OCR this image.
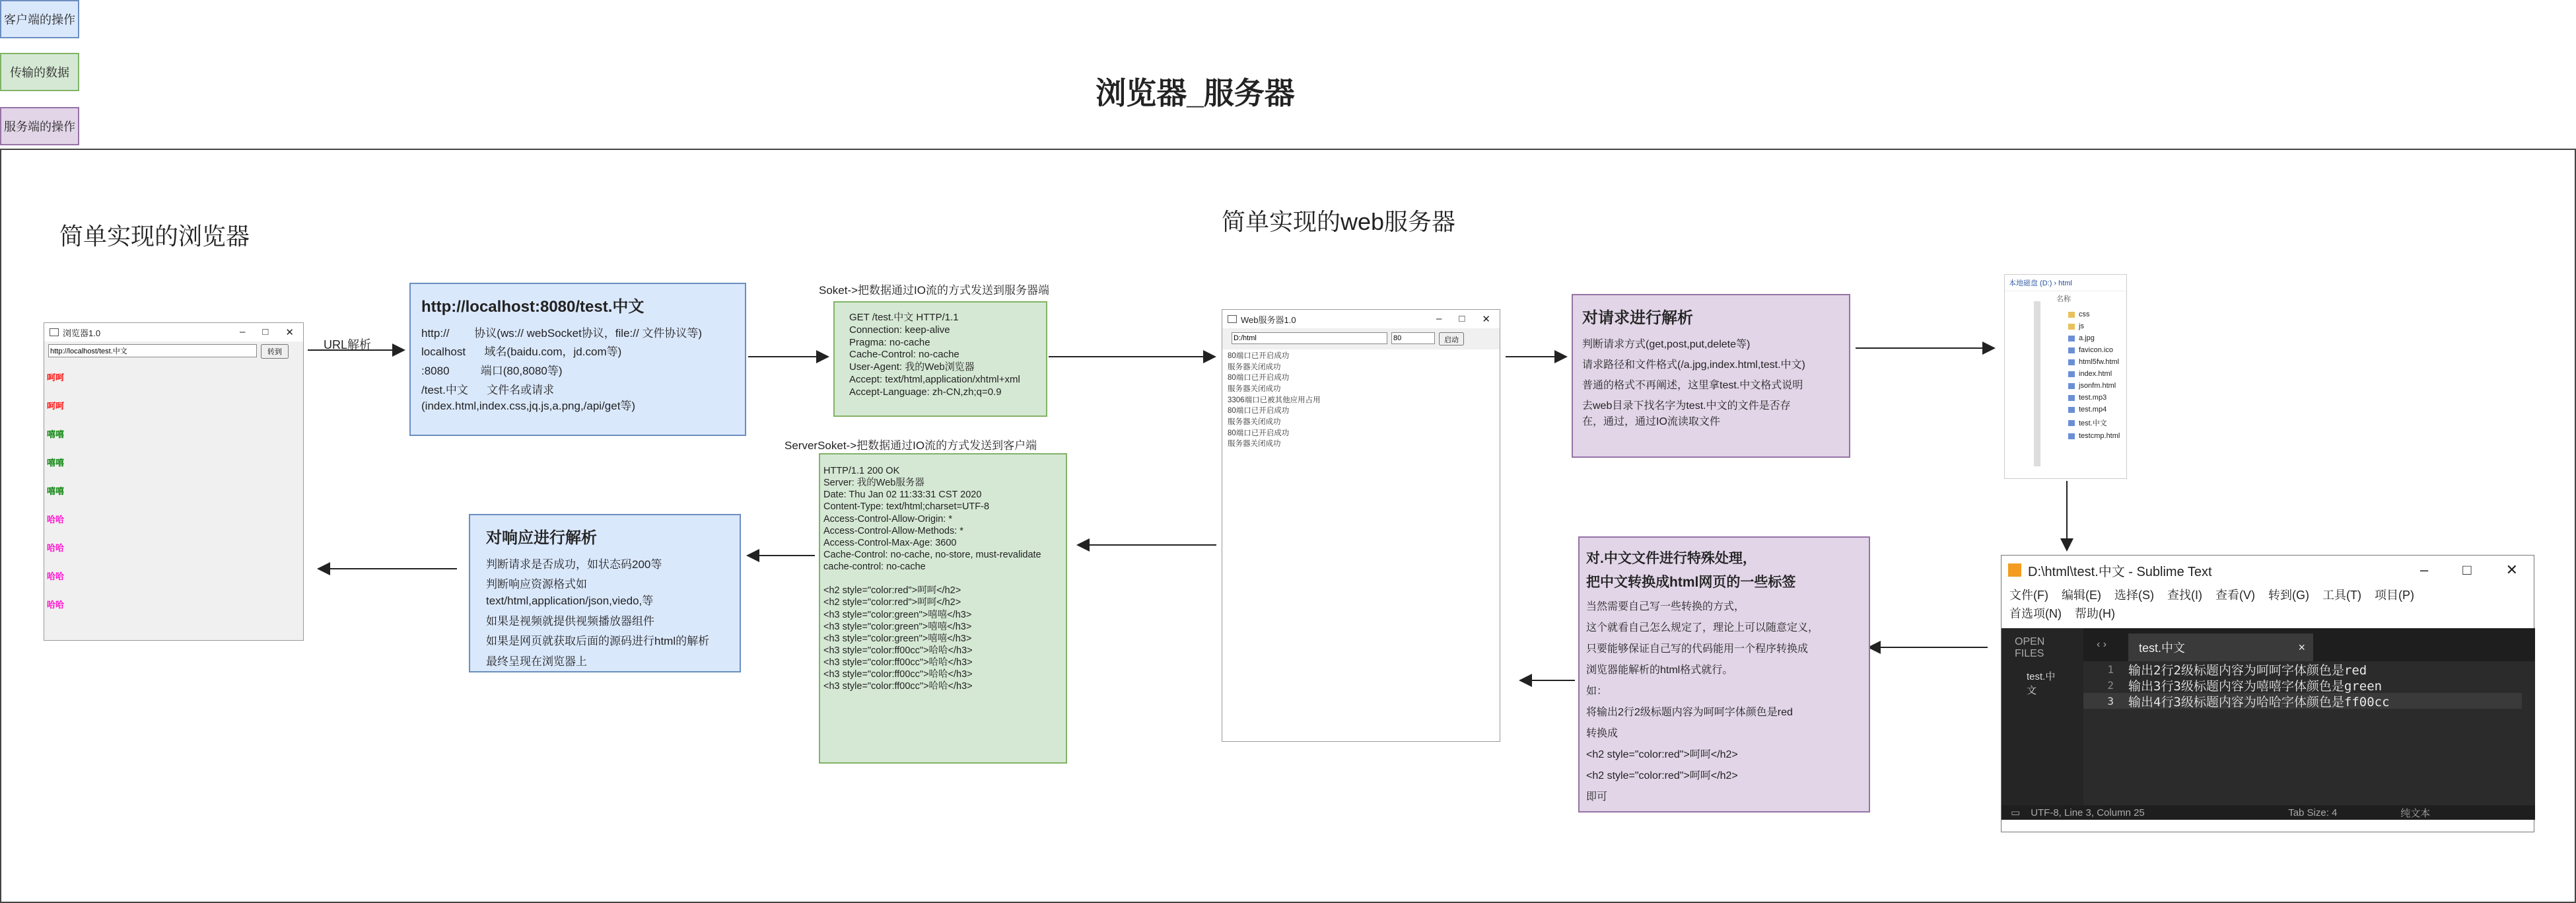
客户端的操作
传输的数据
服务端的操作
浏览器_服务器
简单实现的浏览器
简单实现的web服务器
浏览器1.0	– □ ✕
http://localhost/test.中文
转到
呵呵
呵呵
嘻嘻
嘻嘻
嘻嘻
哈哈
哈哈
哈哈
哈哈
URL解析
http://localhost:8080/test.中文
http://        协议(ws:// webSocket协议，file:// 文件协议等)
localhost      域名(baidu.com，jd.com等)
:8080          端口(80,8080等)
/test.中文      文件名或请求
(index.html,index.css,jq.js,a.png,/api/get等)
Soket->把数据通过IO流的方式发送到服务器端
GET /test.中文 HTTP/1.1
Connection: keep-alive
Pragma: no-cache
Cache-Control: no-cache
User-Agent: 我的Web浏览器
Accept: text/html,application/xhtml+xml
Accept-Language: zh-CN,zh;q=0.9
ServerSoket->把数据通过IO流的方式发送到客户端
HTTP/1.1 200 OK
Server: 我的Web服务器
Date: Thu Jan 02 11:33:31 CST 2020
Content-Type: text/html;charset=UTF-8
Access-Control-Allow-Origin: *
Access-Control-Allow-Methods: *
Access-Control-Max-Age: 3600
Cache-Control: no-cache, no-store, must-revalidate
cache-control: no-cache

<h2 style="color:red">呵呵</h2>
<h2 style="color:red">呵呵</h2>
<h3 style="color:green">嘻嘻</h3>
<h3 style="color:green">嘻嘻</h3>
<h3 style="color:green">嘻嘻</h3>
<h3 style="color:ff00cc">哈哈</h3>
<h3 style="color:ff00cc">哈哈</h3>
<h3 style="color:ff00cc">哈哈</h3>
<h3 style="color:ff00cc">哈哈</h3>
对响应进行解析
判断请求是否成功，如状态码200等
判断响应资源格式如
text/html,application/json,viedo,等
如果是视频就提供视频播放器组件
如果是网页就获取后面的源码进行html的解析
最终呈现在浏览器上
Web服务器1.0	– □ ✕
D:/html
80
启动
80端口已开启成功
服务器关闭成功
80端口已开启成功
服务器关闭成功
3306端口已被其他应用占用
80端口已开启成功
服务器关闭成功
80端口已开启成功
服务器关闭成功
对请求进行解析
判断请求方式(get,post,put,delete等)
请求路径和文件格式(/a.jpg,index.html,test.中文)
普通的格式不再阐述，这里拿test.中文格式说明
去web目录下找名字为test.中文的文件是否存
在，通过，通过IO流读取文件
本地磁盘 (D:) › html
名称
css
js
a.jpg
favicon.ico
html5fw.html
index.html
jsonfm.html
test.mp3
test.mp4
test.中文
testcmp.html
对.中文文件进行特殊处理，
把中文转换成html网页的一些标签
当然需要自己写一些转换的方式，
这个就看自己怎么规定了，理论上可以随意定义，
只要能够保证自己写的代码能用一个程序转换成
浏览器能解析的html格式就行。
如：
将输出2行2级标题内容为呵呵字体颜色是red
转换成
<h2 style="color:red">呵呵</h2>
<h2 style="color:red">呵呵</h2>
即可
D:\html\test.中文 - Sublime Text	– □ ✕
文件(F) 编辑(E) 选择(S) 查找(I) 查看(V) 转到(G) 工具(T) 项目(P)
首选项(N) 帮助(H)
OPEN FILES
test.中文
‹ ›	test.中文	×
1	输出2行2级标题内容为呵呵字体颜色是red
2	输出3行3级标题内容为嘻嘻字体颜色是green
3	输出4行3级标题内容为哈哈字体颜色是ff00cc
▭	UTF-8, Line 3, Column 25	Tab Size: 4	纯文本
